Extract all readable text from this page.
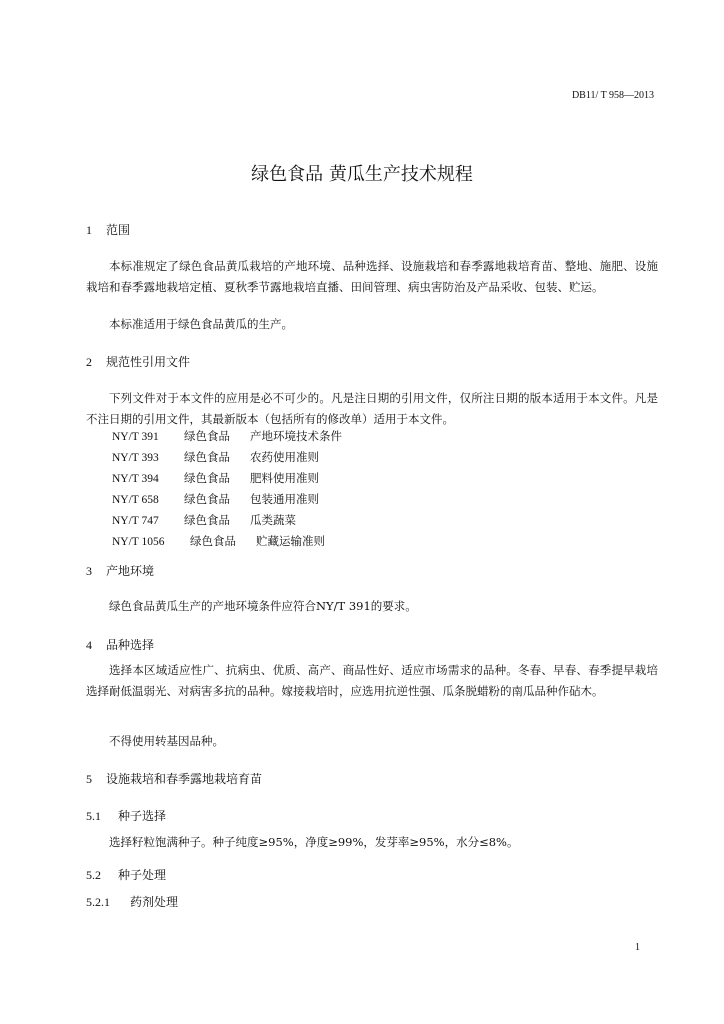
DB11/ T 958—2013
绿色食品 黄瓜生产技术规程
1 范围
本标准规定了绿色食品黄瓜栽培的产地环境、品种选择、设施栽培和春季露地栽培育苗、整地、施肥、设施栽培和春季露地栽培定植、夏秋季节露地栽培直播、田间管理、病虫害防治及产品采收、包装、贮运。
本标准适用于绿色食品黄瓜的生产。
2 规范性引用文件
下列文件对于本文件的应用是必不可少的。凡是注日期的引用文件，仅所注日期的版本适用于本文件。凡是不注日期的引用文件，其最新版本（包括所有的修改单）适用于本文件。
NY/T 391 绿色食品 产地环境技术条件
NY/T 393 绿色食品 农药使用准则
NY/T 394 绿色食品 肥料使用准则
NY/T 658 绿色食品 包装通用准则
NY/T 747 绿色食品 瓜类蔬菜
NY/T 1056 绿色食品 贮藏运输准则
3 产地环境
绿色食品黄瓜生产的产地环境条件应符合NY/T 391的要求。
4 品种选择
选择本区域适应性广、抗病虫、优质、高产、商品性好、适应市场需求的品种。冬春、早春、春季提早栽培选择耐低温弱光、对病害多抗的品种。嫁接栽培时，应选用抗逆性强、瓜条脱蜡粉的南瓜品种作砧木。
不得使用转基因品种。
5 设施栽培和春季露地栽培育苗
5.1 种子选择
选择籽粒饱满种子。种子纯度≥95%，净度≥99%，发芽率≥95%，水分≤8%。
5.2 种子处理
5.2.1 药剂处理
1
